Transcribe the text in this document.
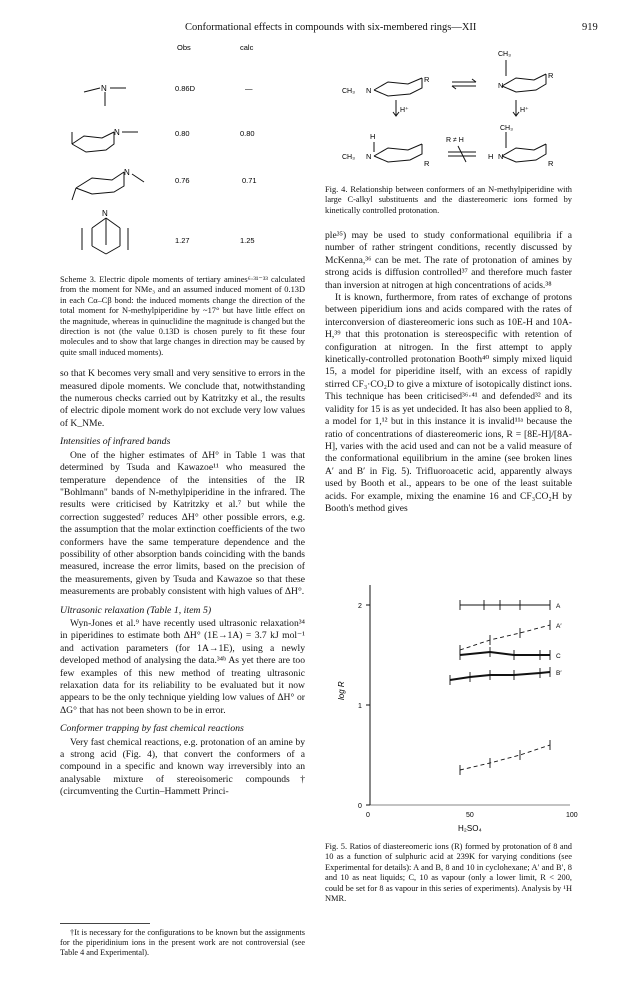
Conformational effects in compounds with six-membered rings—XII	919
Obs	calc
N	0.86D	—
N	0.80	0.80
N
0.76	0.71
N
1.27	1.25

Scheme 3. Electric dipole moments of tertiary amines⁶·³¹⁻³³ calculated from the moment for NMe₃ and an assumed induced moment of 0.13D in each Cα–Cβ bond: the induced moments change the direction of the total moment for N-methylpiperidine by ~17° but have little effect on the magnitude, whereas in quinuclidine the magnitude is changed but the direction is not (the value 0.13D is chosen purely to fit these four molecules and to show that large changes in direction may be caused by quite small induced moments).

so that K becomes very small and very sensitive to errors in the measured dipole moments. We conclude that, notwithstanding the numerous checks carried out by Katritzky et al., the results of electric dipole moment work do not exclude very low values of K_NMe.

Intensities of infrared bands

One of the higher estimates of ΔH° in Table 1 was that determined by Tsuda and Kawazoe¹¹ who measured the temperature dependence of the intensities of the IR "Bohlmann" bands of N-methylpiperidine in the infrared. The results were criticised by Katritzky et al.⁷ but while the correction suggested⁷ reduces ΔH° other possible errors, e.g. the assumption that the molar extinction coefficients of the two conformers have the same temperature dependence and the possibility of other absorption bands coinciding with the bands measured, increase the error limits, based on the precision of the measurements, given by Tsuda and Kawazoe so that these measurements are probably consistent with high values of ΔH°.

Ultrasonic relaxation (Table 1, item 5)

Wyn-Jones et al.⁹ have recently used ultrasonic relaxation³⁴ in piperidines to estimate both ΔH° (1E→1A) = 3.7 kJ mol⁻¹ and activation parameters (for 1A→1E), using a newly developed method of analysing the data.³⁴ᵇ As yet there are too few examples of this new method of treating ultrasonic relaxation data for its reliability to be evaluated but it now appears to be the only technique yielding low values of ΔH° or ΔG° that has not been shown to be in error.

Conformer trapping by fast chemical reactions

Very fast chemical reactions, e.g. protonation of an amine by a strong acid (Fig. 4), that convert the conformers of a compound in a specific and known way irreversibly into an analysable mixture of stereoisomeric compounds† (circumventing the Curtin–Hammett Princi-

†It is necessary for the configurations to be known but the assignments for the piperidinium ions in the present work are not controversial (see Table 4 and Experimental).

CH₃ N
R
CH₃
N
R
H⁺	H⁺
H
CH₃ N
R
R ≠ H
CH₃
H N
R

Fig. 4. Relationship between conformers of an N-methylpiperidine with large C-alkyl substituents and the diastereomeric ions formed by kinetically controlled protonation.

ple³⁵) may be used to study conformational equilibria if a number of rather stringent conditions, recently discussed by McKenna,³⁶ can be met. The rate of protonation of amines by strong acids is diffusion controlled³⁷ and therefore much faster than inversion at nitrogen at high concentrations of acids.³⁸

It is known, furthermore, from rates of exchange of protons between piperidium ions and acids compared with the rates of interconversion of diastereomeric ions such as 10E-H and 10A-H,³⁹ that this protonation is stereospecific with retention of configuration at nitrogen. In the first attempt to apply kinetically-controlled protonation Booth⁴⁰ simply mixed liquid 15, a model for piperidine itself, with an excess of rapidly stirred CF₃·CO₂D to give a mixture of isotopically distinct ions. This technique has been criticised³⁶·⁴¹ and defended³² and its validity for 15 is as yet undecided. It has also been applied to 8, a model for 1,¹² but in this instance it is invalid¹¹ᵃ because the ratio of concentrations of diastereomeric ions, R = [8E-H]/[8A-H], varies with the acid used and can not be a valid measure of the conformational equilibrium in the amine (see broken lines A′ and B′ in Fig. 5). Trifluoroacetic acid, apparently always used by Booth et al., appears to be one of the least suitable acids. For example, mixing the enamine 16 and CF₃CO₂H by Booth's method gives

log R
H₂SO₄
0
1
2
0	50	100
A
A′
C
B′

Fig. 5. Ratios of diastereomeric ions (R) formed by protonation of 8 and 10 as a function of sulphuric acid at 239K for varying conditions (see Experimental for details): A and B, 8 and 10 in cyclohexane; A′ and B′, 8 and 10 as neat liquids; C, 10 as vapour (only a lower limit, R < 200, could be set for 8 as vapour in this series of experiments). Analysis by ¹H NMR.
